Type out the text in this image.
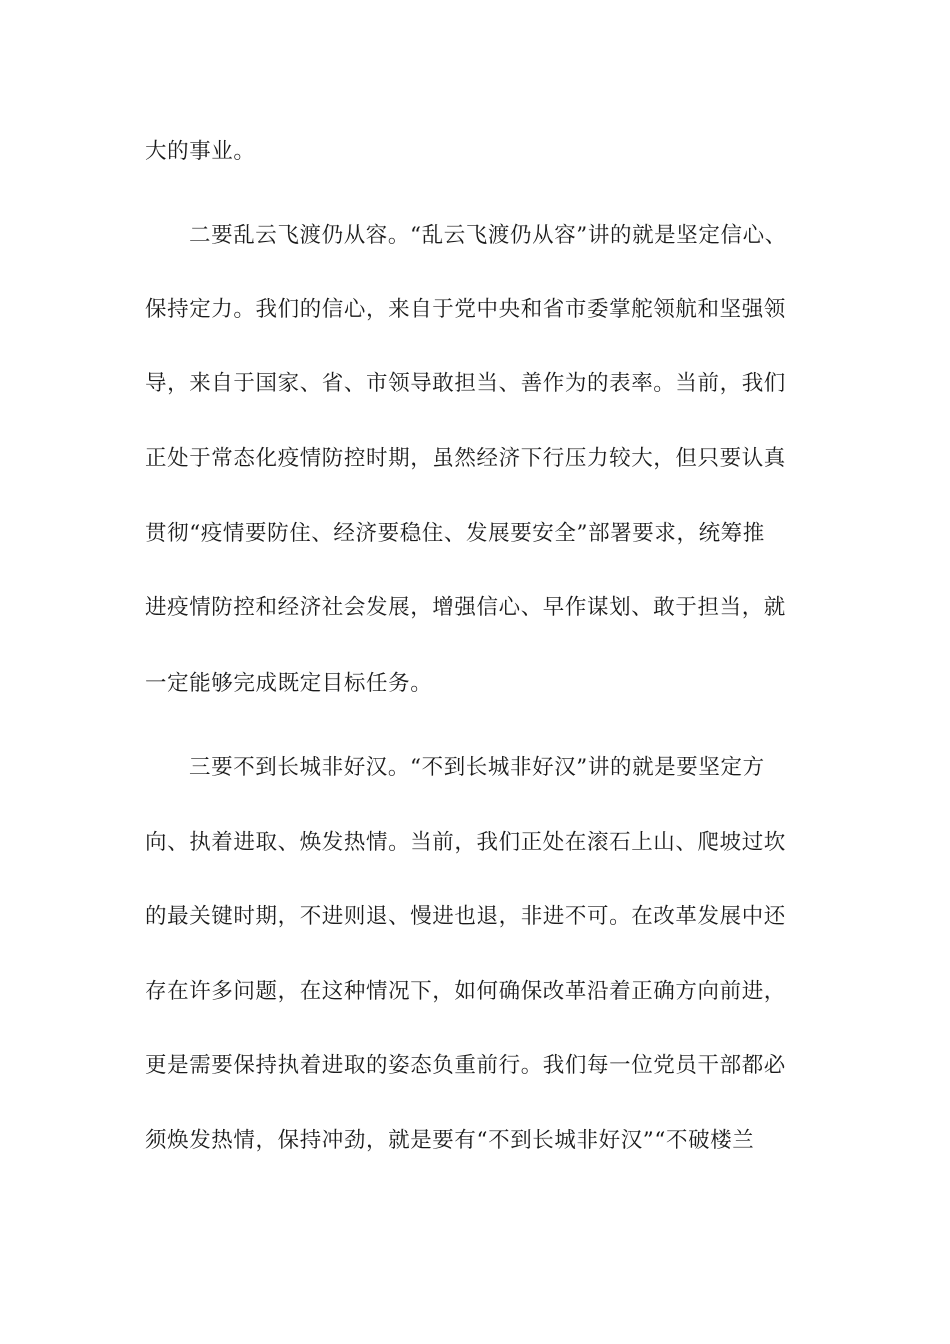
大的事业。
二要乱云飞渡仍从容。“乱云飞渡仍从容”讲的就是坚定信心、
保持定力。我们的信心，来自于党中央和省市委掌舵领航和坚强领
导，来自于国家、省、市领导敢担当、善作为的表率。当前，我们
正处于常态化疫情防控时期，虽然经济下行压力较大，但只要认真
贯彻“疫情要防住、经济要稳住、发展要安全”部署要求，统筹推
进疫情防控和经济社会发展，增强信心、早作谋划、敢于担当，就
一定能够完成既定目标任务。
三要不到长城非好汉。“不到长城非好汉”讲的就是要坚定方
向、执着进取、焕发热情。当前，我们正处在滚石上山、爬坡过坎
的最关键时期，不进则退、慢进也退，非进不可。在改革发展中还
存在许多问题，在这种情况下，如何确保改革沿着正确方向前进，
更是需要保持执着进取的姿态负重前行。我们每一位党员干部都必
须焕发热情，保持冲劲，就是要有“不到长城非好汉”“不破楼兰
